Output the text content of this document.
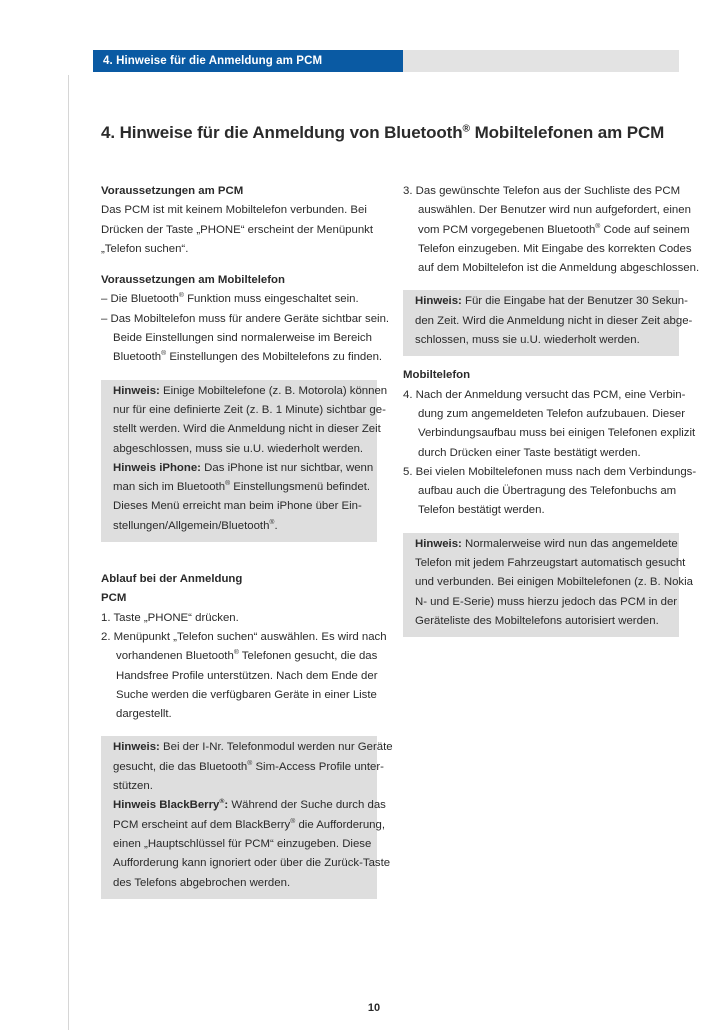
4. Hinweise für die Anmeldung am PCM
4. Hinweise für die Anmeldung von Bluetooth® Mobiltelefonen am PCM

Voraussetzungen am PCM

Das PCM ist mit keinem Mobiltelefon verbunden. Bei

Drücken der Taste „PHONE“ erscheint der Menüpunkt

„Telefon suchen“.

Voraussetzungen am Mobiltelefon

– Die Bluetooth® Funktion muss eingeschaltet sein.

– Das Mobiltelefon muss für andere Geräte sichtbar sein.

Beide Einstellungen sind normalerweise im Bereich

Bluetooth® Einstellungen des Mobiltelefons zu finden.

Hinweis: Einige Mobiltelefone (z. B. Motorola) können

nur für eine definierte Zeit (z. B. 1 Minute) sichtbar ge-

stellt werden. Wird die Anmeldung nicht in dieser Zeit

abgeschlossen, muss sie u.U. wiederholt werden.

Hinweis iPhone: Das iPhone ist nur sichtbar, wenn

man sich im Bluetooth® Einstellungsmenü befindet.

Dieses Menü erreicht man beim iPhone über Ein-

stellungen/Allgemein/Bluetooth®.

Ablauf bei der Anmeldung

PCM

1. Taste „PHONE“ drücken.

2. Menüpunkt „Telefon suchen“ auswählen. Es wird nach

vorhandenen Bluetooth® Telefonen gesucht, die das

Handsfree Profile unterstützen. Nach dem Ende der

Suche werden die verfügbaren Geräte in einer Liste

dargestellt.

Hinweis: Bei der I-Nr. Telefonmodul werden nur Geräte

gesucht, die das Bluetooth® Sim-Access Profile unter-

stützen.

Hinweis BlackBerry®: Während der Suche durch das

PCM erscheint auf dem BlackBerry® die Aufforderung,

einen „Hauptschlüssel für PCM“ einzugeben. Diese

Aufforderung kann ignoriert oder über die Zurück-Taste

des Telefons abgebrochen werden.

3. Das gewünschte Telefon aus der Suchliste des PCM

auswählen. Der Benutzer wird nun aufgefordert, einen

vom PCM vorgegebenen Bluetooth® Code auf seinem

Telefon einzugeben. Mit Eingabe des korrekten Codes

auf dem Mobiltelefon ist die Anmeldung abgeschlossen.

Hinweis: Für die Eingabe hat der Benutzer 30 Sekun-

den Zeit. Wird die Anmeldung nicht in dieser Zeit abge-

schlossen, muss sie u.U. wiederholt werden.

Mobiltelefon

4. Nach der Anmeldung versucht das PCM, eine Verbin-

dung zum angemeldeten Telefon aufzubauen. Dieser

Verbindungsaufbau muss bei einigen Telefonen explizit

durch Drücken einer Taste bestätigt werden.

5. Bei vielen Mobiltelefonen muss nach dem Verbindungs-

aufbau auch die Übertragung des Telefonbuchs am

Telefon bestätigt werden.

Hinweis: Normalerweise wird nun das angemeldete

Telefon mit jedem Fahrzeugstart automatisch gesucht

und verbunden. Bei einigen Mobiltelefonen (z. B. Nokia

N- und E-Serie) muss hierzu jedoch das PCM in der

Geräteliste des Mobiltelefons autorisiert werden.

10
